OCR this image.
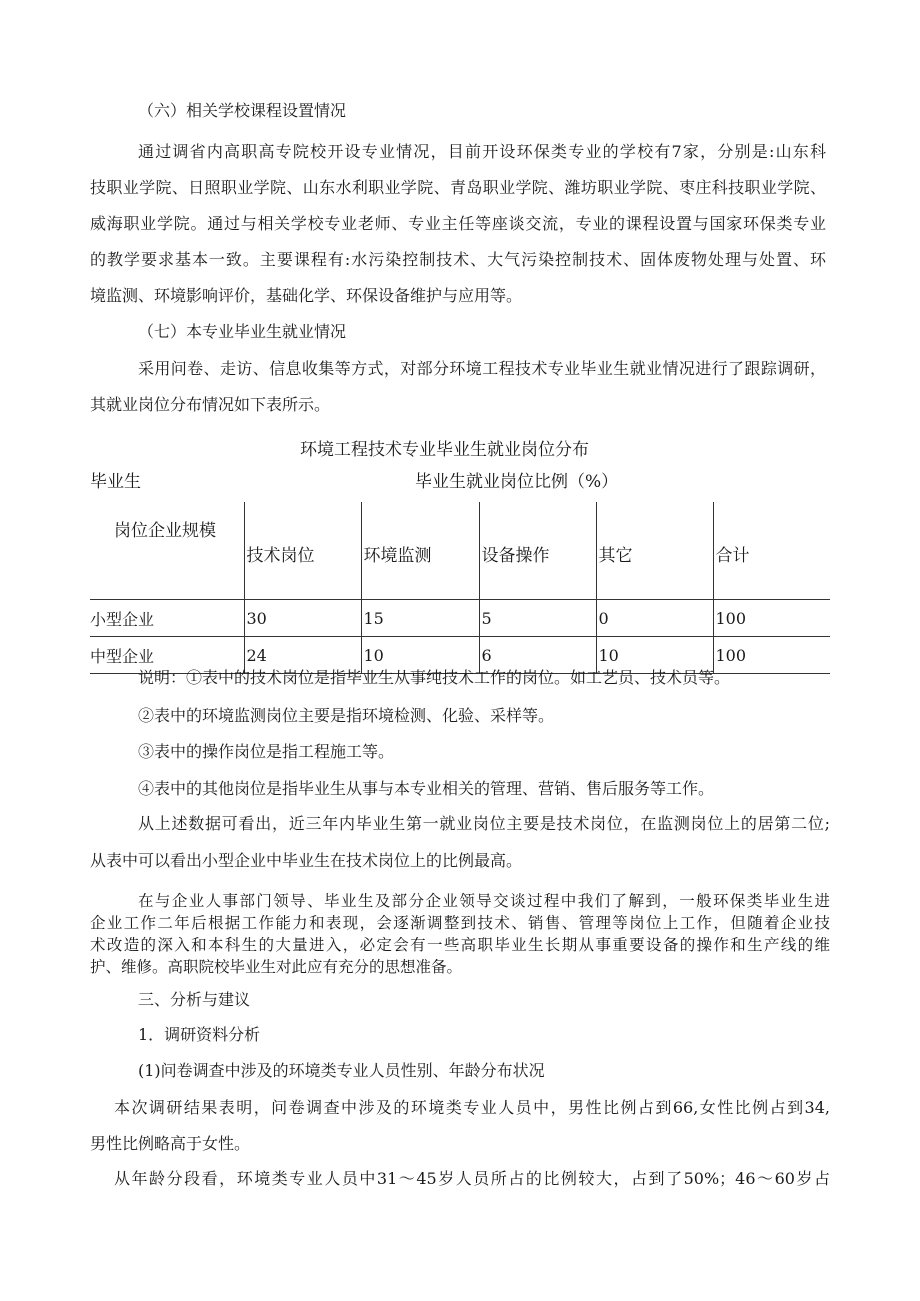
（六）相关学校课程设置情况
通过调省内高职高专院校开设专业情况，目前开设环保类专业的学校有7家，分别是:山东科
技职业学院、日照职业学院、山东水利职业学院、青岛职业学院、潍坊职业学院、枣庄科技职业学院、
威海职业学院。通过与相关学校专业老师、专业主任等座谈交流，专业的课程设置与国家环保类专业
的教学要求基本一致。主要课程有:水污染控制技术、大气污染控制技术、固体废物处理与处置、环
境监测、环境影响评价，基础化学、环保设备维护与应用等。
（七）本专业毕业生就业情况
采用问卷、走访、信息收集等方式，对部分环境工程技术专业毕业生就业情况进行了跟踪调研，
其就业岗位分布情况如下表所示。
环境工程技术专业毕业生就业岗位分布
毕业生	毕业生就业岗位比例（%）
岗位企业规模	技术岗位	环境监测	设备操作	其它	合计
小型企业	30	15	5	0	100
中型企业	24	10	6	10	100
说明：①表中的技术岗位是指毕业生从事纯技术工作的岗位。如工艺员、技术员等。
②表中的环境监测岗位主要是指环境检测、化验、采样等。
③表中的操作岗位是指工程施工等。
④表中的其他岗位是指毕业生从事与本专业相关的管理、营销、售后服务等工作。
从上述数据可看出，近三年内毕业生第一就业岗位主要是技术岗位，在监测岗位上的居第二位;
从表中可以看出小型企业中毕业生在技术岗位上的比例最高。
在与企业人事部门领导、毕业生及部分企业领导交谈过程中我们了解到，一般环保类毕业生进
企业工作二年后根据工作能力和表现，会逐渐调整到技术、销售、管理等岗位上工作，但随着企业技
术改造的深入和本科生的大量进入，必定会有一些高职毕业生长期从事重要设备的操作和生产线的维
护、维修。高职院校毕业生对此应有充分的思想准备。
三、分析与建议
1．调研资料分析
(1)问卷调查中涉及的环境类专业人员性别、年龄分布状况
本次调研结果表明，问卷调查中涉及的环境类专业人员中，男性比例占到66,女性比例占到34,
男性比例略高于女性。
从年龄分段看，环境类专业人员中31～45岁人员所占的比例较大，占到了50%；46～60岁占
